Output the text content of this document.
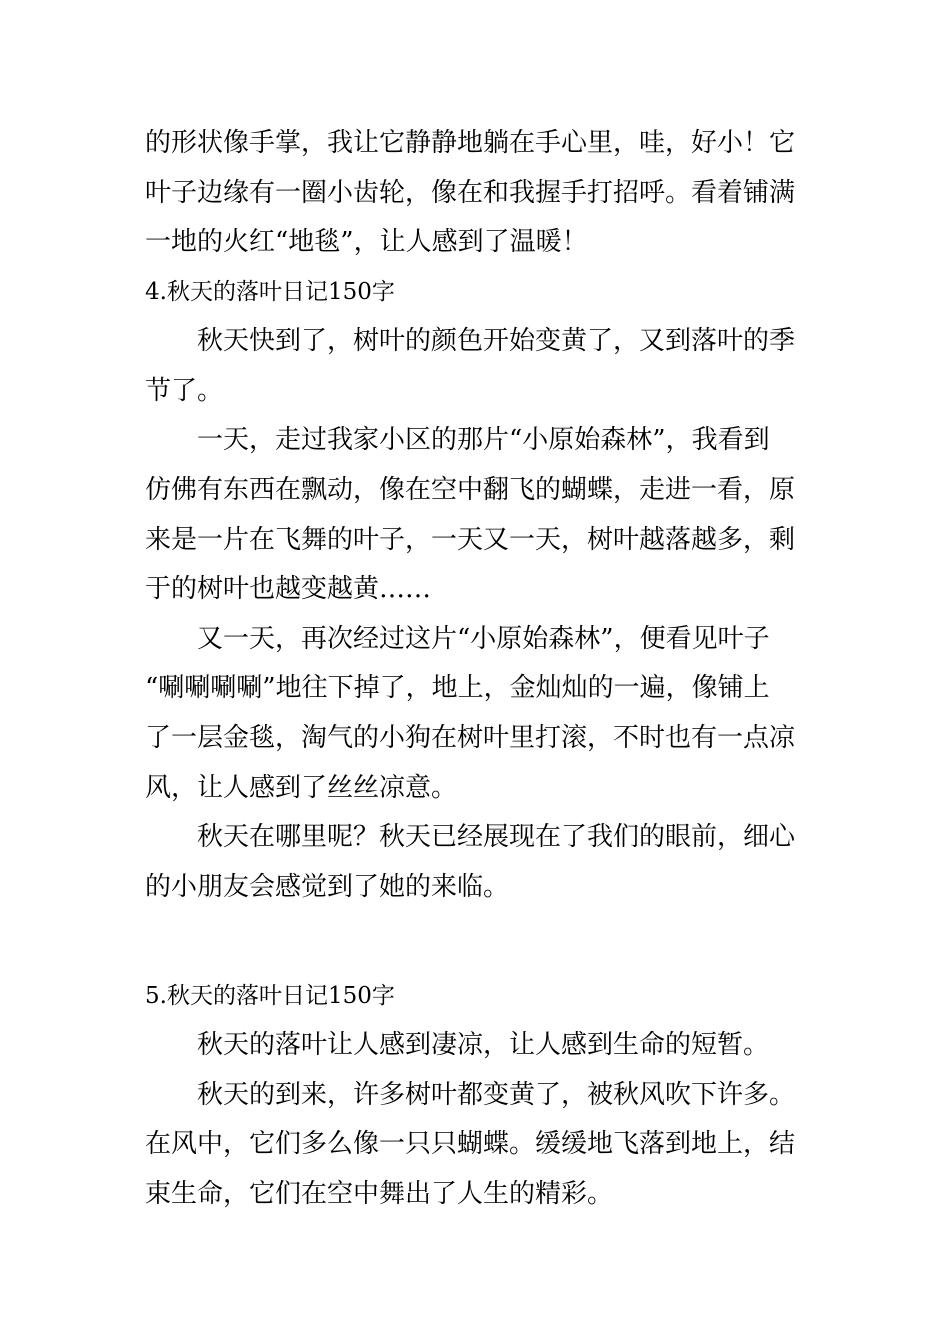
的形状像手掌，我让它静静地躺在手心里，哇，好小！它
叶子边缘有一圈小齿轮，像在和我握手打招呼。看着铺满
一地的火红“地毯”，让人感到了温暖！
4.秋天的落叶日记150字
秋天快到了，树叶的颜色开始变黄了，又到落叶的季
节了。
一天，走过我家小区的那片“小原始森林”，我看到
仿佛有东西在飘动，像在空中翻飞的蝴蝶，走进一看，原
来是一片在飞舞的叶子，一天又一天，树叶越落越多，剩
于的树叶也越变越黄……
又一天，再次经过这片“小原始森林”，便看见叶子
“唰唰唰唰”地往下掉了，地上，金灿灿的一遍，像铺上
了一层金毯，淘气的小狗在树叶里打滚，不时也有一点凉
风，让人感到了丝丝凉意。
秋天在哪里呢？秋天已经展现在了我们的眼前，细心
的小朋友会感觉到了她的来临。
5.秋天的落叶日记150字
秋天的落叶让人感到凄凉，让人感到生命的短暂。
秋天的到来，许多树叶都变黄了，被秋风吹下许多。
在风中，它们多么像一只只蝴蝶。缓缓地飞落到地上，结
束生命，它们在空中舞出了人生的精彩。
